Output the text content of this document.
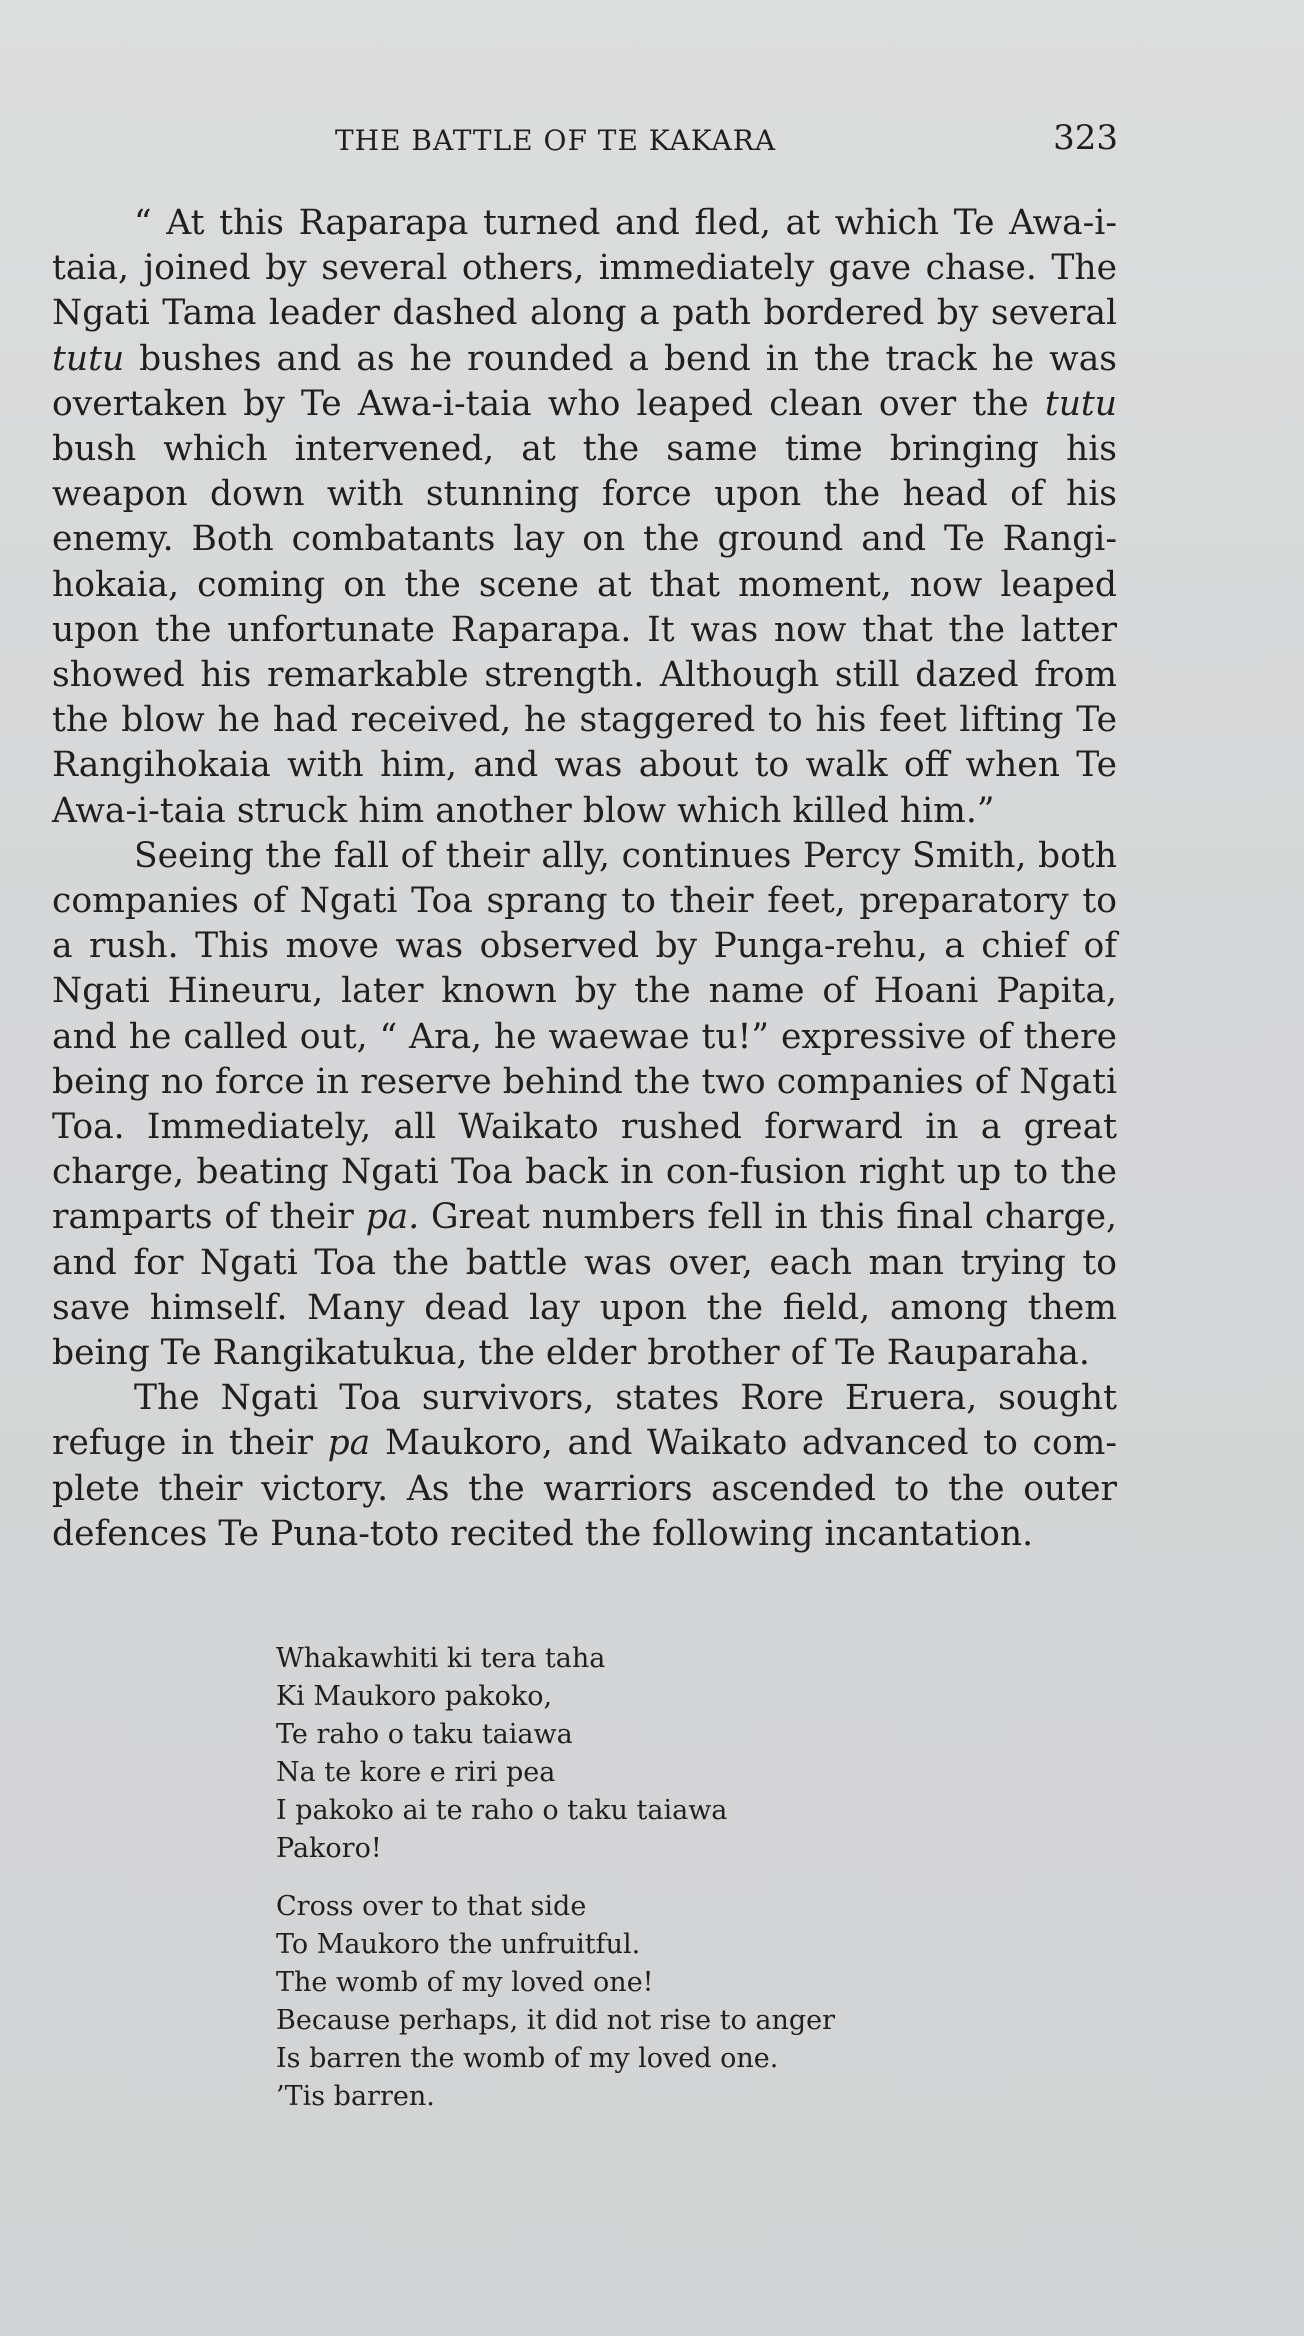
THE BATTLE OF TE KAKARA	323

“ At this Raparapa turned and fled, at which Te Awa-i-taia, joined by several others, immediately gave chase. The Ngati Tama leader dashed along a path bordered by several tutu bushes and as he rounded a bend in the track he was overtaken by Te Awa-i-taia who leaped clean over the tutu bush which intervened, at the same time bringing his weapon down with stunning force upon the head of his enemy. Both combatants lay on the ground and Te Rangi-hokaia, coming on the scene at that moment, now leaped upon the unfortunate Raparapa. It was now that the latter showed his remarkable strength. Although still dazed from the blow he had received, he staggered to his feet lifting Te Rangihokaia with him, and was about to walk off when Te Awa-i-taia struck him another blow which killed him.”

Seeing the fall of their ally, continues Percy Smith, both companies of Ngati Toa sprang to their feet, preparatory to a rush. This move was observed by Punga-rehu, a chief of Ngati Hineuru, later known by the name of Hoani Papita, and he called out, “ Ara, he waewae tu!” expressive of there being no force in reserve behind the two companies of Ngati Toa. Immediately, all Waikato rushed forward in a great charge, beating Ngati Toa back in con-fusion right up to the ramparts of their pa. Great numbers fell in this final charge, and for Ngati Toa the battle was over, each man trying to save himself. Many dead lay upon the field, among them being Te Rangikatukua, the elder brother of Te Rauparaha.

The Ngati Toa survivors, states Rore Eruera, sought refuge in their pa Maukoro, and Waikato advanced to com-plete their victory. As the warriors ascended to the outer defences Te Puna-toto recited the following incantation.

Whakawhiti ki tera taha
Ki Maukoro pakoko,
Te raho o taku taiawa
Na te kore e riri pea
I pakoko ai te raho o taku taiawa
Pakoro!
Cross over to that side
To Maukoro the unfruitful.
The womb of my loved one!
Because perhaps, it did not rise to anger
Is barren the womb of my loved one.
’Tis barren.
